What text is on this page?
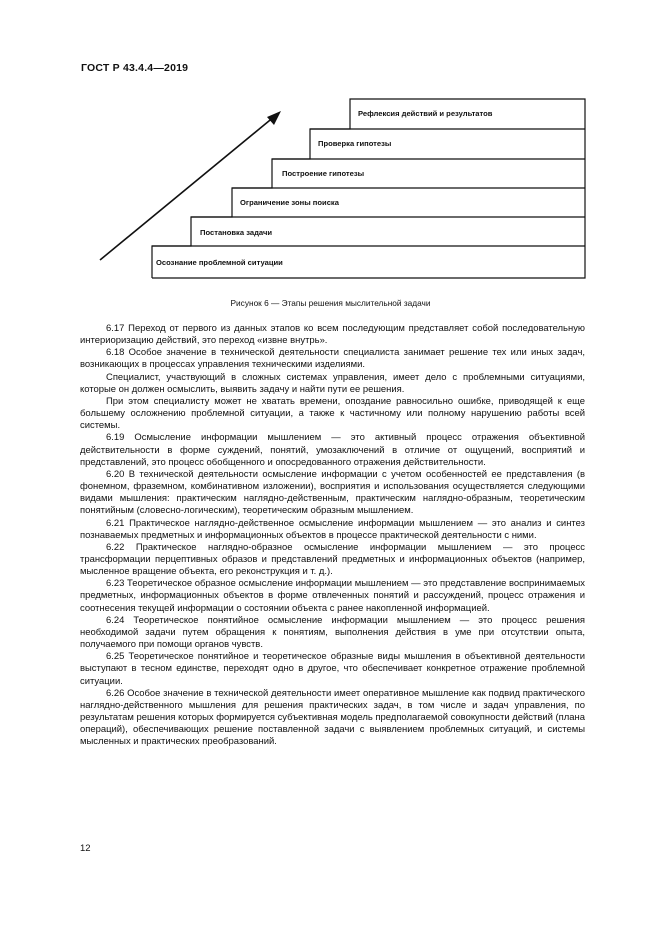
ГОСТ Р 43.4.4—2019
Осознание проблемной ситуации
Постановка задачи
Ограничение зоны поиска
Построение гипотезы
Проверка гипотезы
Рефлексия действий и результатов
Рисунок 6 — Этапы решения мыслительной задачи

6.17 Переход от первого из данных этапов ко всем последующим представляет собой последовательную интериоризацию действий, это переход «извне внутрь».

6.18 Особое значение в технической деятельности специалиста занимает решение тех или иных задач, возникающих в процессах управления техническими изделиями.

Специалист, участвующий в сложных системах управления, имеет дело с проблемными ситуациями, которые он должен осмыслить, выявить задачу и найти пути ее решения.

При этом специалисту может не хватать времени, опоздание равносильно ошибке, приводящей к еще большему осложнению проблемной ситуации, а также к частичному или полному нарушению работы всей системы.

6.19 Осмысление информации мышлением — это активный процесс отражения объективной действительности в форме суждений, понятий, умозаключений в отличие от ощущений, восприятий и представлений, это процесс обобщенного и опосредованного отражения действительности.

6.20 В технической деятельности осмысление информации с учетом особенностей ее представления (в фонемном, фраземном, комбинативном изложении), восприятия и использования осуществляется следующими видами мышления: практическим наглядно-действенным, практическим наглядно-образным, теоретическим понятийным (словесно-логическим), теоретическим образным мышлением.

6.21 Практическое наглядно-действенное осмысление информации мышлением — это анализ и синтез познаваемых предметных и информационных объектов в процессе практической деятельности с ними.

6.22 Практическое наглядно-образное осмысление информации мышлением — это процесс трансформации перцептивных образов и представлений предметных и информационных объектов (например, мысленное вращение объекта, его реконструкция и т. д.).

6.23 Теоретическое образное осмысление информации мышлением — это представление воспринимаемых предметных, информационных объектов в форме отвлеченных понятий и рассуждений, процесс отражения и соотнесения текущей информации о состоянии объекта с ранее накопленной информацией.

6.24 Теоретическое понятийное осмысление информации мышлением — это процесс решения необходимой задачи путем обращения к понятиям, выполнения действия в уме при отсутствии опыта, получаемого при помощи органов чувств.

6.25 Теоретическое понятийное и теоретическое образные виды мышления в объективной деятельности выступают в тесном единстве, переходят одно в другое, что обеспечивает конкретное отражение проблемной ситуации.

6.26 Особое значение в технической деятельности имеет оперативное мышление как подвид практического наглядно-действенного мышления для решения практических задач, в том числе и задач управления, по результатам решения которых формируется субъективная модель предполагаемой совокупности действий (плана операций), обеспечивающих решение поставленной задачи с выявлением проблемных ситуаций, и системы мысленных и практических преобразований.

12
